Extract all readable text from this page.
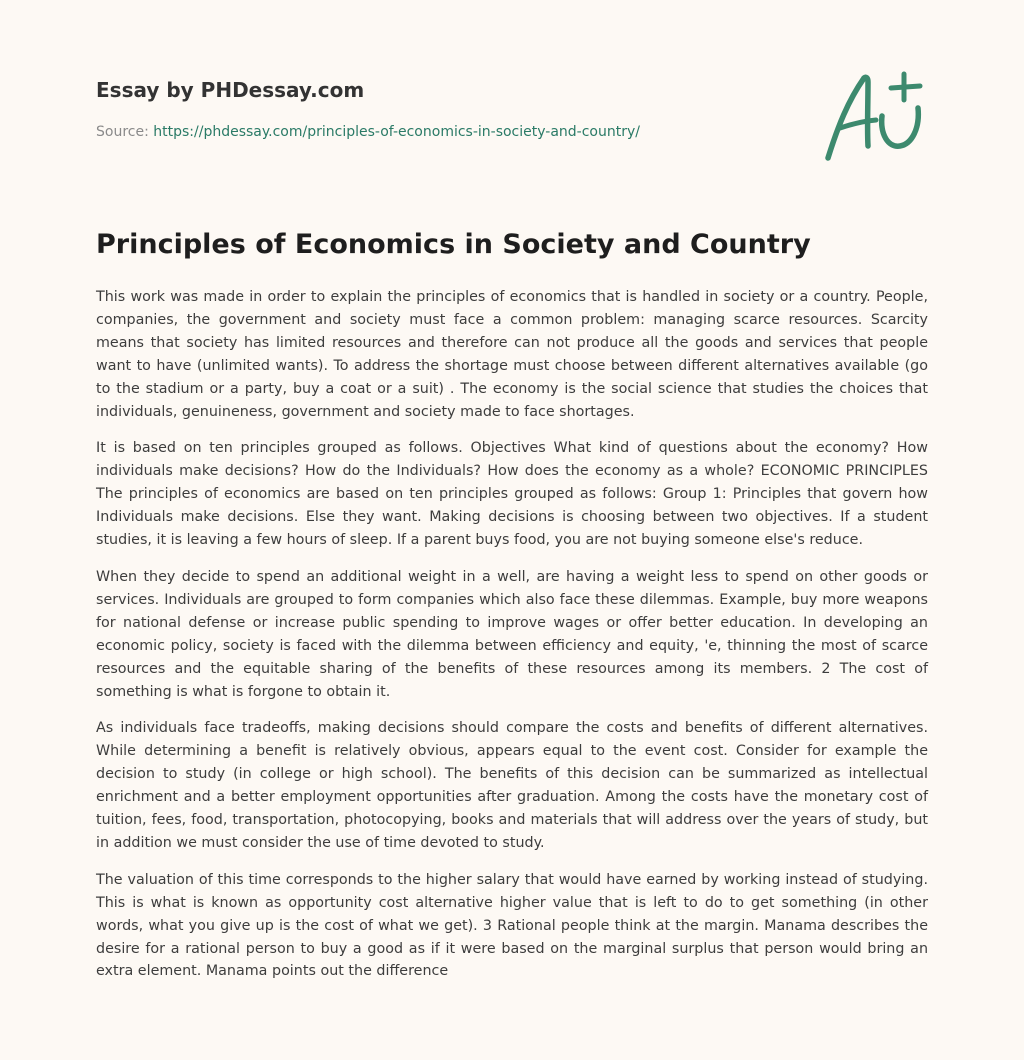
Essay by PHDessay.com
Source: https://phdessay.com/principles-of-economics-in-society-and-country/
Principles of Economics in Society and Country

This work was made in order to explain the principles of economics that is handled in society or a country. People, companies, the government and society must face a common problem: managing scarce resources. Scarcity means that society has limited resources and therefore can not produce all the goods and services that people want to have (unlimited wants). To address the shortage must choose between different alternatives available (go to the stadium or a party, buy a coat or a suit) . The economy is the social science that studies the choices that individuals, genuineness, government and society made to face shortages.

It is based on ten principles grouped as follows. Objectives What kind of questions about the economy? How individuals make decisions? How do the Individuals? How does the economy as a whole? ECONOMIC PRINCIPLES The principles of economics are based on ten principles grouped as follows: Group 1: Principles that govern how Individuals make decisions. Else they want. Making decisions is choosing between two objectives. If a student studies, it is leaving a few hours of sleep. If a parent buys food, you are not buying someone else's reduce.

When they decide to spend an additional weight in a well, are having a weight less to spend on other goods or services. Individuals are grouped to form companies which also face these dilemmas. Example, buy more weapons for national defense or increase public spending to improve wages or offer better education. In developing an economic policy, society is faced with the dilemma between efficiency and equity, 'e, thinning the most of scarce resources and the equitable sharing of the benefits of these resources among its members. 2 The cost of something is what is forgone to obtain it.

As individuals face tradeoffs, making decisions should compare the costs and benefits of different alternatives. While determining a benefit is relatively obvious, appears equal to the event cost. Consider for example the decision to study (in college or high school). The benefits of this decision can be summarized as intellectual enrichment and a better employment opportunities after graduation. Among the costs have the monetary cost of tuition, fees, food, transportation, photocopying, books and materials that will address over the years of study, but in addition we must consider the use of time devoted to study.

The valuation of this time corresponds to the higher salary that would have earned by working instead of studying. This is what is known as opportunity cost alternative higher value that is left to do to get something (in other words, what you give up is the cost of what we get). 3 Rational people think at the margin. Manama describes the desire for a rational person to buy a good as if it were based on the marginal surplus that person would bring an extra element. Manama points out the difference
